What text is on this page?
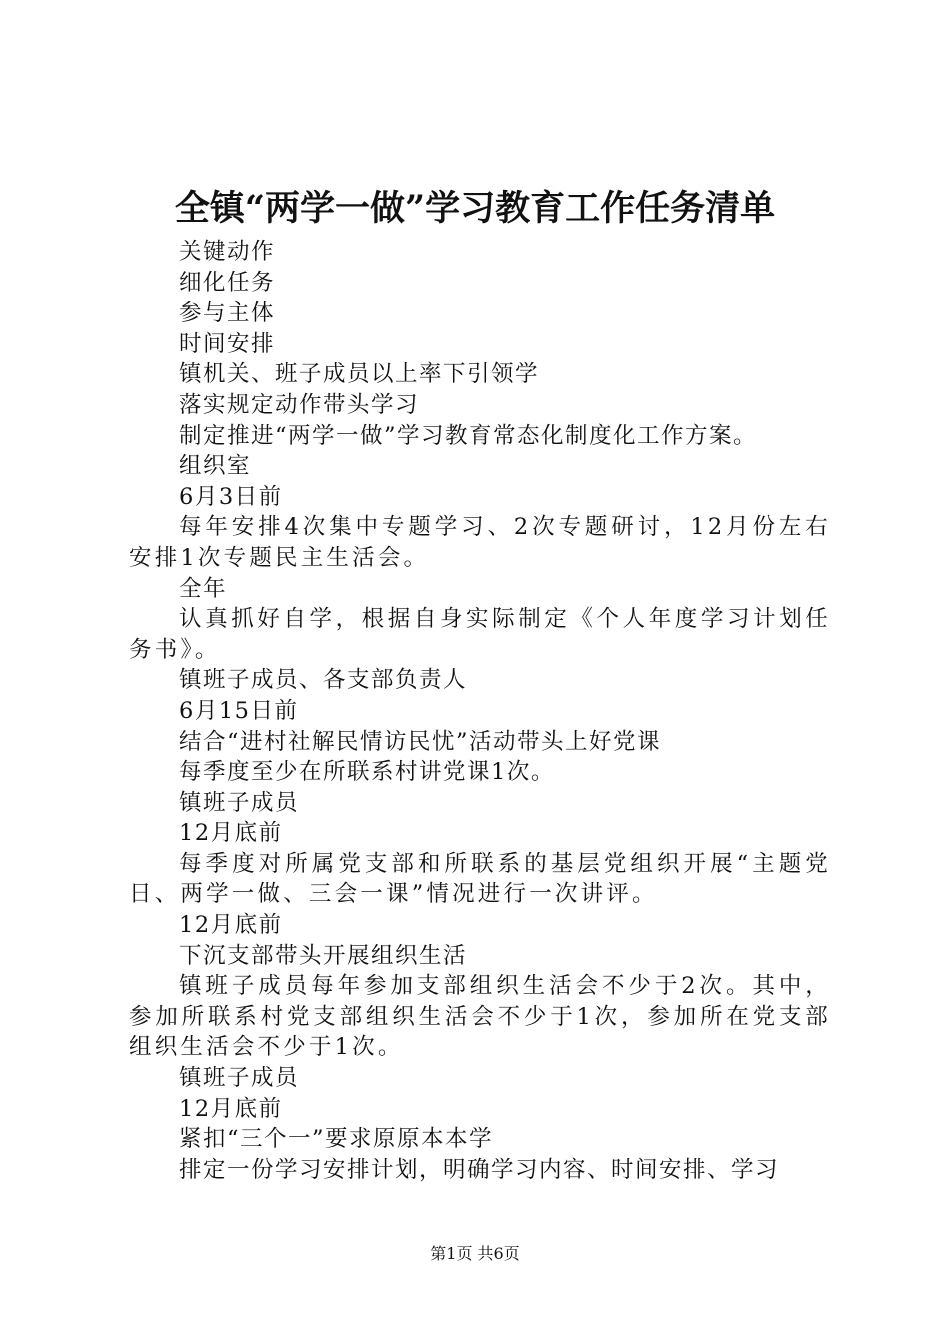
全镇“两学一做”学习教育工作任务清单
关键动作
细化任务
参与主体
时间安排
镇机关、班子成员以上率下引领学
落实规定动作带头学习
制定推进“两学一做”学习教育常态化制度化工作方案。
组织室
6月3日前
每年安排4次集中专题学习、2次专题研讨，12月份左右安排1次专题民主生活会。
全年
认真抓好自学，根据自身实际制定《个人年度学习计划任务书》。
镇班子成员、各支部负责人
6月15日前
结合“进村社解民情访民忧”活动带头上好党课
每季度至少在所联系村讲党课1次。
镇班子成员
12月底前
每季度对所属党支部和所联系的基层党组织开展“主题党日、两学一做、三会一课”情况进行一次讲评。
12月底前
下沉支部带头开展组织生活
镇班子成员每年参加支部组织生活会不少于2次。其中，参加所联系村党支部组织生活会不少于1次，参加所在党支部组织生活会不少于1次。
镇班子成员
12月底前
紧扣“三个一”要求原原本本学
排定一份学习安排计划，明确学习内容、时间安排、学习
第1页 共6页
